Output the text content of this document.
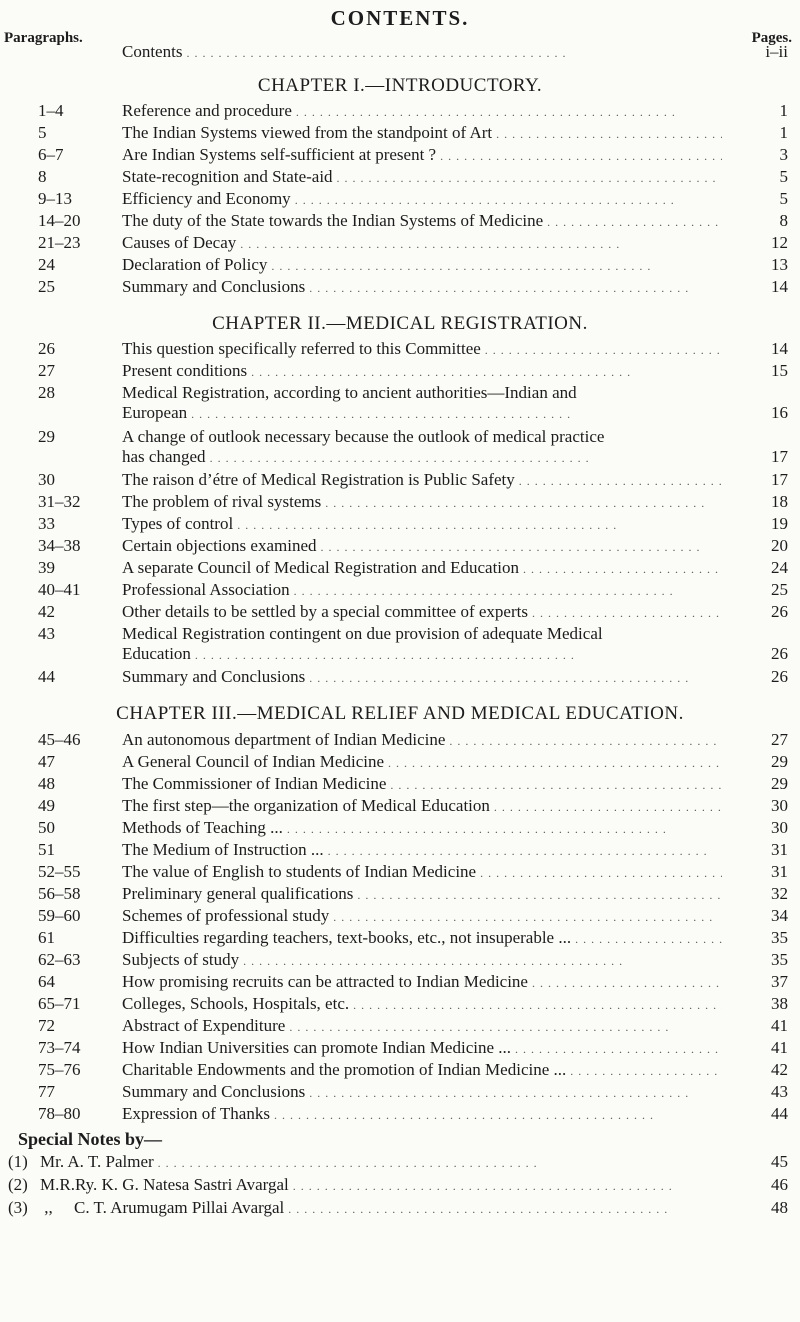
CONTENTS.
Paragraphs.	Pages.
Contents . . .	i–ii
CHAPTER I.—INTRODUCTORY.
1–4	Reference and procedure . . .	1
5	The Indian Systems viewed from the standpoint of Art . . .	1
6–7	Are Indian Systems self-sufficient at present ? . . .	3
8	State-recognition and State-aid . . .	5
9–13	Efficiency and Economy . . .	5
14–20	The duty of the State towards the Indian Systems of Medicine . . .	8
21–23	Causes of Decay . . .	12
24	Declaration of Policy . . .	13
25	Summary and Conclusions . . .	14
CHAPTER II.—MEDICAL REGISTRATION.
26	This question specifically referred to this Committee . . .	14
27	Present conditions . . .	15
28	Medical Registration, according to ancient authorities—Indian and
European . . .	16
29	A change of outlook necessary because the outlook of medical practice
has changed . . .	17
30	The raison d’étre of Medical Registration is Public Safety . . .	17
31–32	The problem of rival systems . . .	18
33	Types of control . . .	19
34–38	Certain objections examined . . .	20
39	A separate Council of Medical Registration and Education . . .	24
40–41	Professional Association . . .	25
42	Other details to be settled by a special committee of experts . . .	26
43	Medical Registration contingent on due provision of adequate Medical
Education . . .	26
44	Summary and Conclusions . . .	26
CHAPTER III.—MEDICAL RELIEF AND MEDICAL EDUCATION.
45–46	An autonomous department of Indian Medicine . . .	27
47	A General Council of Indian Medicine . . .	29
48	The Commissioner of Indian Medicine . . .	29
49	The first step—the organization of Medical Education . . .	30
50	Methods of Teaching ... . . .	30
51	The Medium of Instruction ... . . .	31
52–55	The value of English to students of Indian Medicine . . .	31
56–58	Preliminary general qualifications . . .	32
59–60	Schemes of professional study . . .	34
61	Difficulties regarding teachers, text-books, etc., not insuperable ... . . .	35
62–63	Subjects of study . . .	35
64	How promising recruits can be attracted to Indian Medicine . . .	37
65–71	Colleges, Schools, Hospitals, etc. . . .	38
72	Abstract of Expenditure . . .	41
73–74	How Indian Universities can promote Indian Medicine ... . . .	41
75–76	Charitable Endowments and the promotion of Indian Medicine ... . . .	42
77	Summary and Conclusions . . .	43
78–80	Expression of Thanks . . .	44
Special Notes by—
(1) Mr. A. T. Palmer . . .	45
(2) M.R.Ry. K. G. Natesa Sastri Avargal . . .	46
(3) ,,     C. T. Arumugam Pillai Avargal . . .	48
